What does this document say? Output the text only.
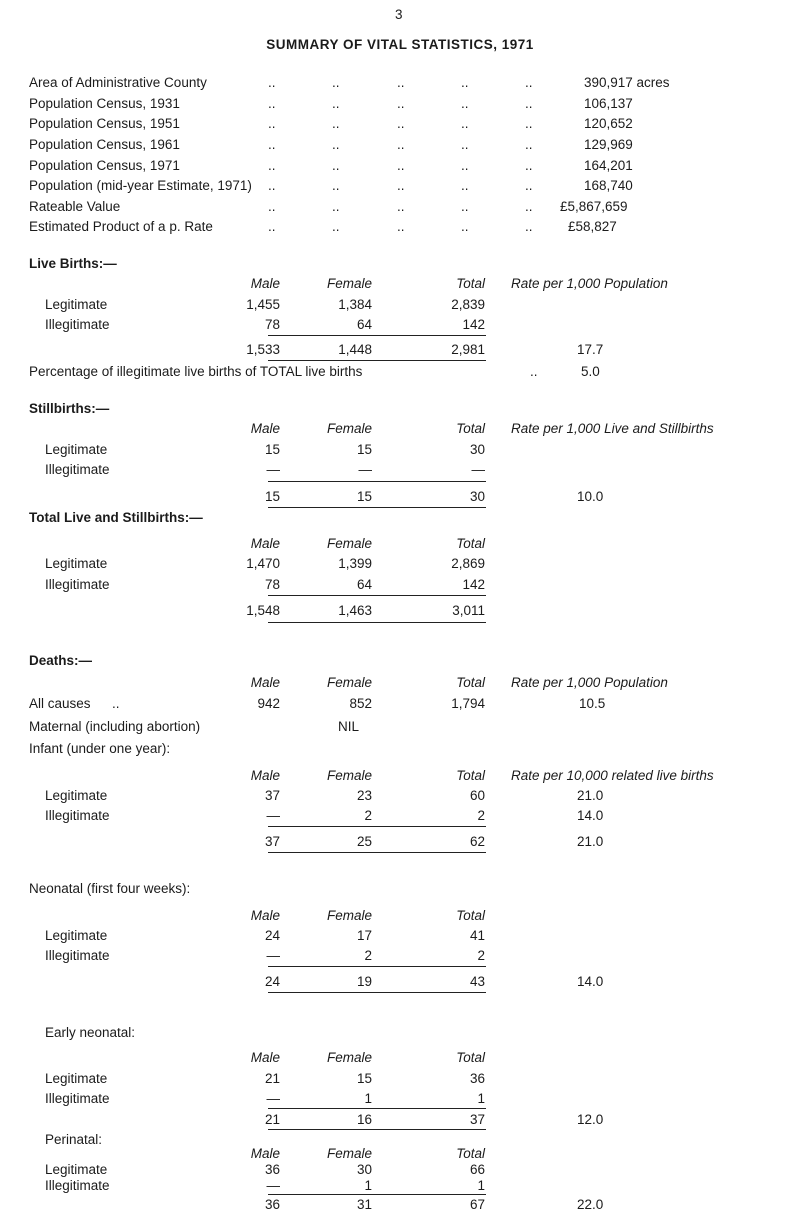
3
SUMMARY OF VITAL STATISTICS, 1971
Area of Administrative County	390,917 acres
Population Census, 1931	106,137
Population Census, 1951	120,652
Population Census, 1961	129,969
Population Census, 1971	164,201
Population (mid-year Estimate, 1971)	168,740
Rateable Value	£5,867,659
Estimated Product of a p. Rate	£58,827
Live Births:—
Male	Female	Total Rate per 1,000 Population
Legitimate	1,455	1,384	2,839
Illegitimate	78	64	142
1,533	1,448	2,981	17.7
Percentage of illegitimate live births of TOTAL live births	..	5.0
Stillbirths:—
Male	Female	Total Rate per 1,000 Live and Stillbirths
Legitimate	15	15	30
Illegitimate	—	—	—
15	15	30	10.0
Total Live and Stillbirths:—
Male	Female	Total
Legitimate	1,470	1,399	2,869
Illegitimate	78	64	142
1,548	1,463	3,011
Deaths:—
Male	Female	Total Rate per 1,000 Population
All causes ..	942	852	1,794	10.5
Maternal (including abortion)	NIL
Infant (under one year):
Male	Female	Total Rate per 10,000 related live births
Legitimate	37	23	60	21.0
Illegitimate	—	2	2	14.0
37	25	62	21.0
Neonatal (first four weeks):
Male	Female	Total
Legitimate	24	17	41
Illegitimate	—	2	2
24	19	43	14.0
Early neonatal:
Male	Female	Total
Legitimate	21	15	36
Illegitimate	—	1	1
21	16	37	12.0
Perinatal:
Male	Female	Total
Legitimate	36	30	66
Illegitimate	—	1	1
36	31	67	22.0
..	..	..	..	..
..	..	..	..	..
..	..	..	..	..
..	..	..	..	..
..	..	..	..	..
..	..	..	..	..
..	..	..	..	..
..	..	..	..	..
